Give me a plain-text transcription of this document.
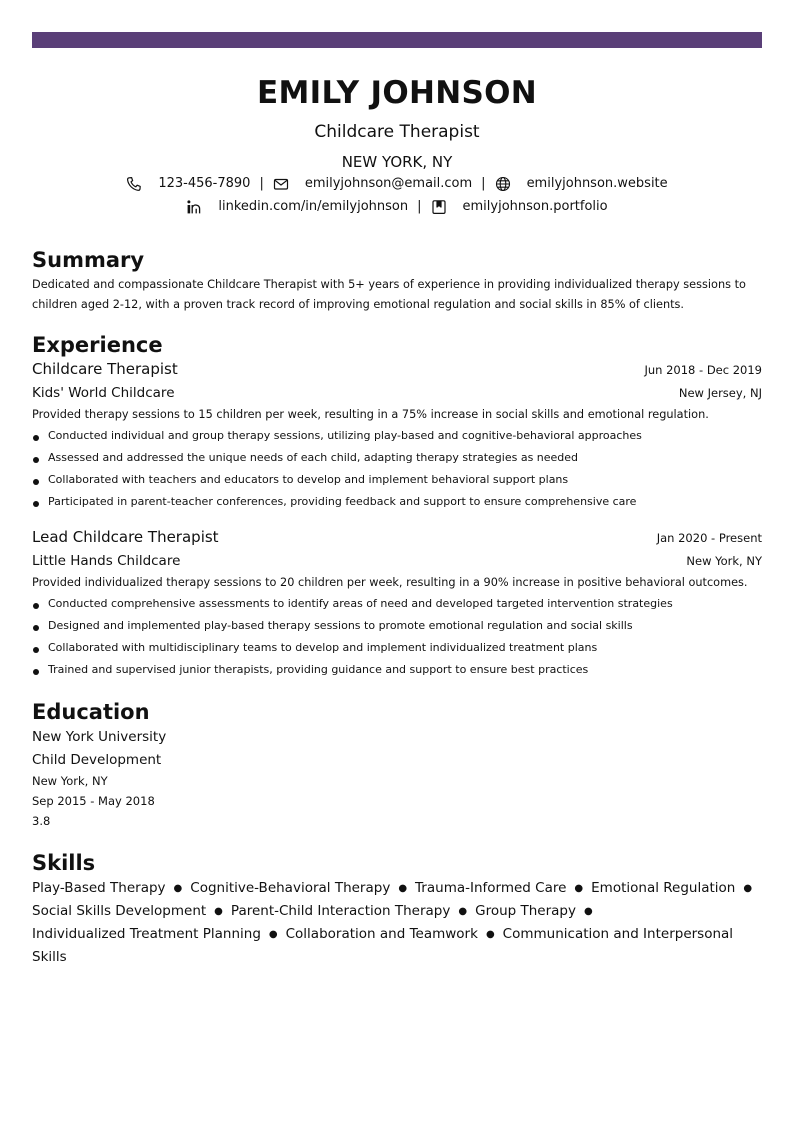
EMILY JOHNSON
Childcare Therapist
NEW YORK, NY
123-456-7890 |	emilyjohnson@email.com |	emilyjohnson.website
linkedin.com/in/emilyjohnson |	emilyjohnson.portfolio
Summary
Dedicated and compassionate Childcare Therapist with 5+ years of experience in providing individualized therapy sessions to children aged 2-12, with a proven track record of improving emotional regulation and social skills in 85% of clients.
Experience
Childcare Therapist	Jun 2018 - Dec 2019
Kids' World Childcare	New Jersey, NJ
Provided therapy sessions to 15 children per week, resulting in a 75% increase in social skills and emotional regulation.
Conducted individual and group therapy sessions, utilizing play-based and cognitive-behavioral approaches
Assessed and addressed the unique needs of each child, adapting therapy strategies as needed
Collaborated with teachers and educators to develop and implement behavioral support plans
Participated in parent-teacher conferences, providing feedback and support to ensure comprehensive care
Lead Childcare Therapist	Jan 2020 - Present
Little Hands Childcare	New York, NY
Provided individualized therapy sessions to 20 children per week, resulting in a 90% increase in positive behavioral outcomes.
Conducted comprehensive assessments to identify areas of need and developed targeted intervention strategies
Designed and implemented play-based therapy sessions to promote emotional regulation and social skills
Collaborated with multidisciplinary teams to develop and implement individualized treatment plans
Trained and supervised junior therapists, providing guidance and support to ensure best practices
Education
New York University
Child Development
New York, NY
Sep 2015 - May 2018
3.8
Skills
Play-Based Therapy ● Cognitive-Behavioral Therapy ● Trauma-Informed Care ● Emotional Regulation ●
Social Skills Development ● Parent-Child Interaction Therapy ● Group Therapy ●
Individualized Treatment Planning ● Collaboration and Teamwork ● Communication and Interpersonal Skills
